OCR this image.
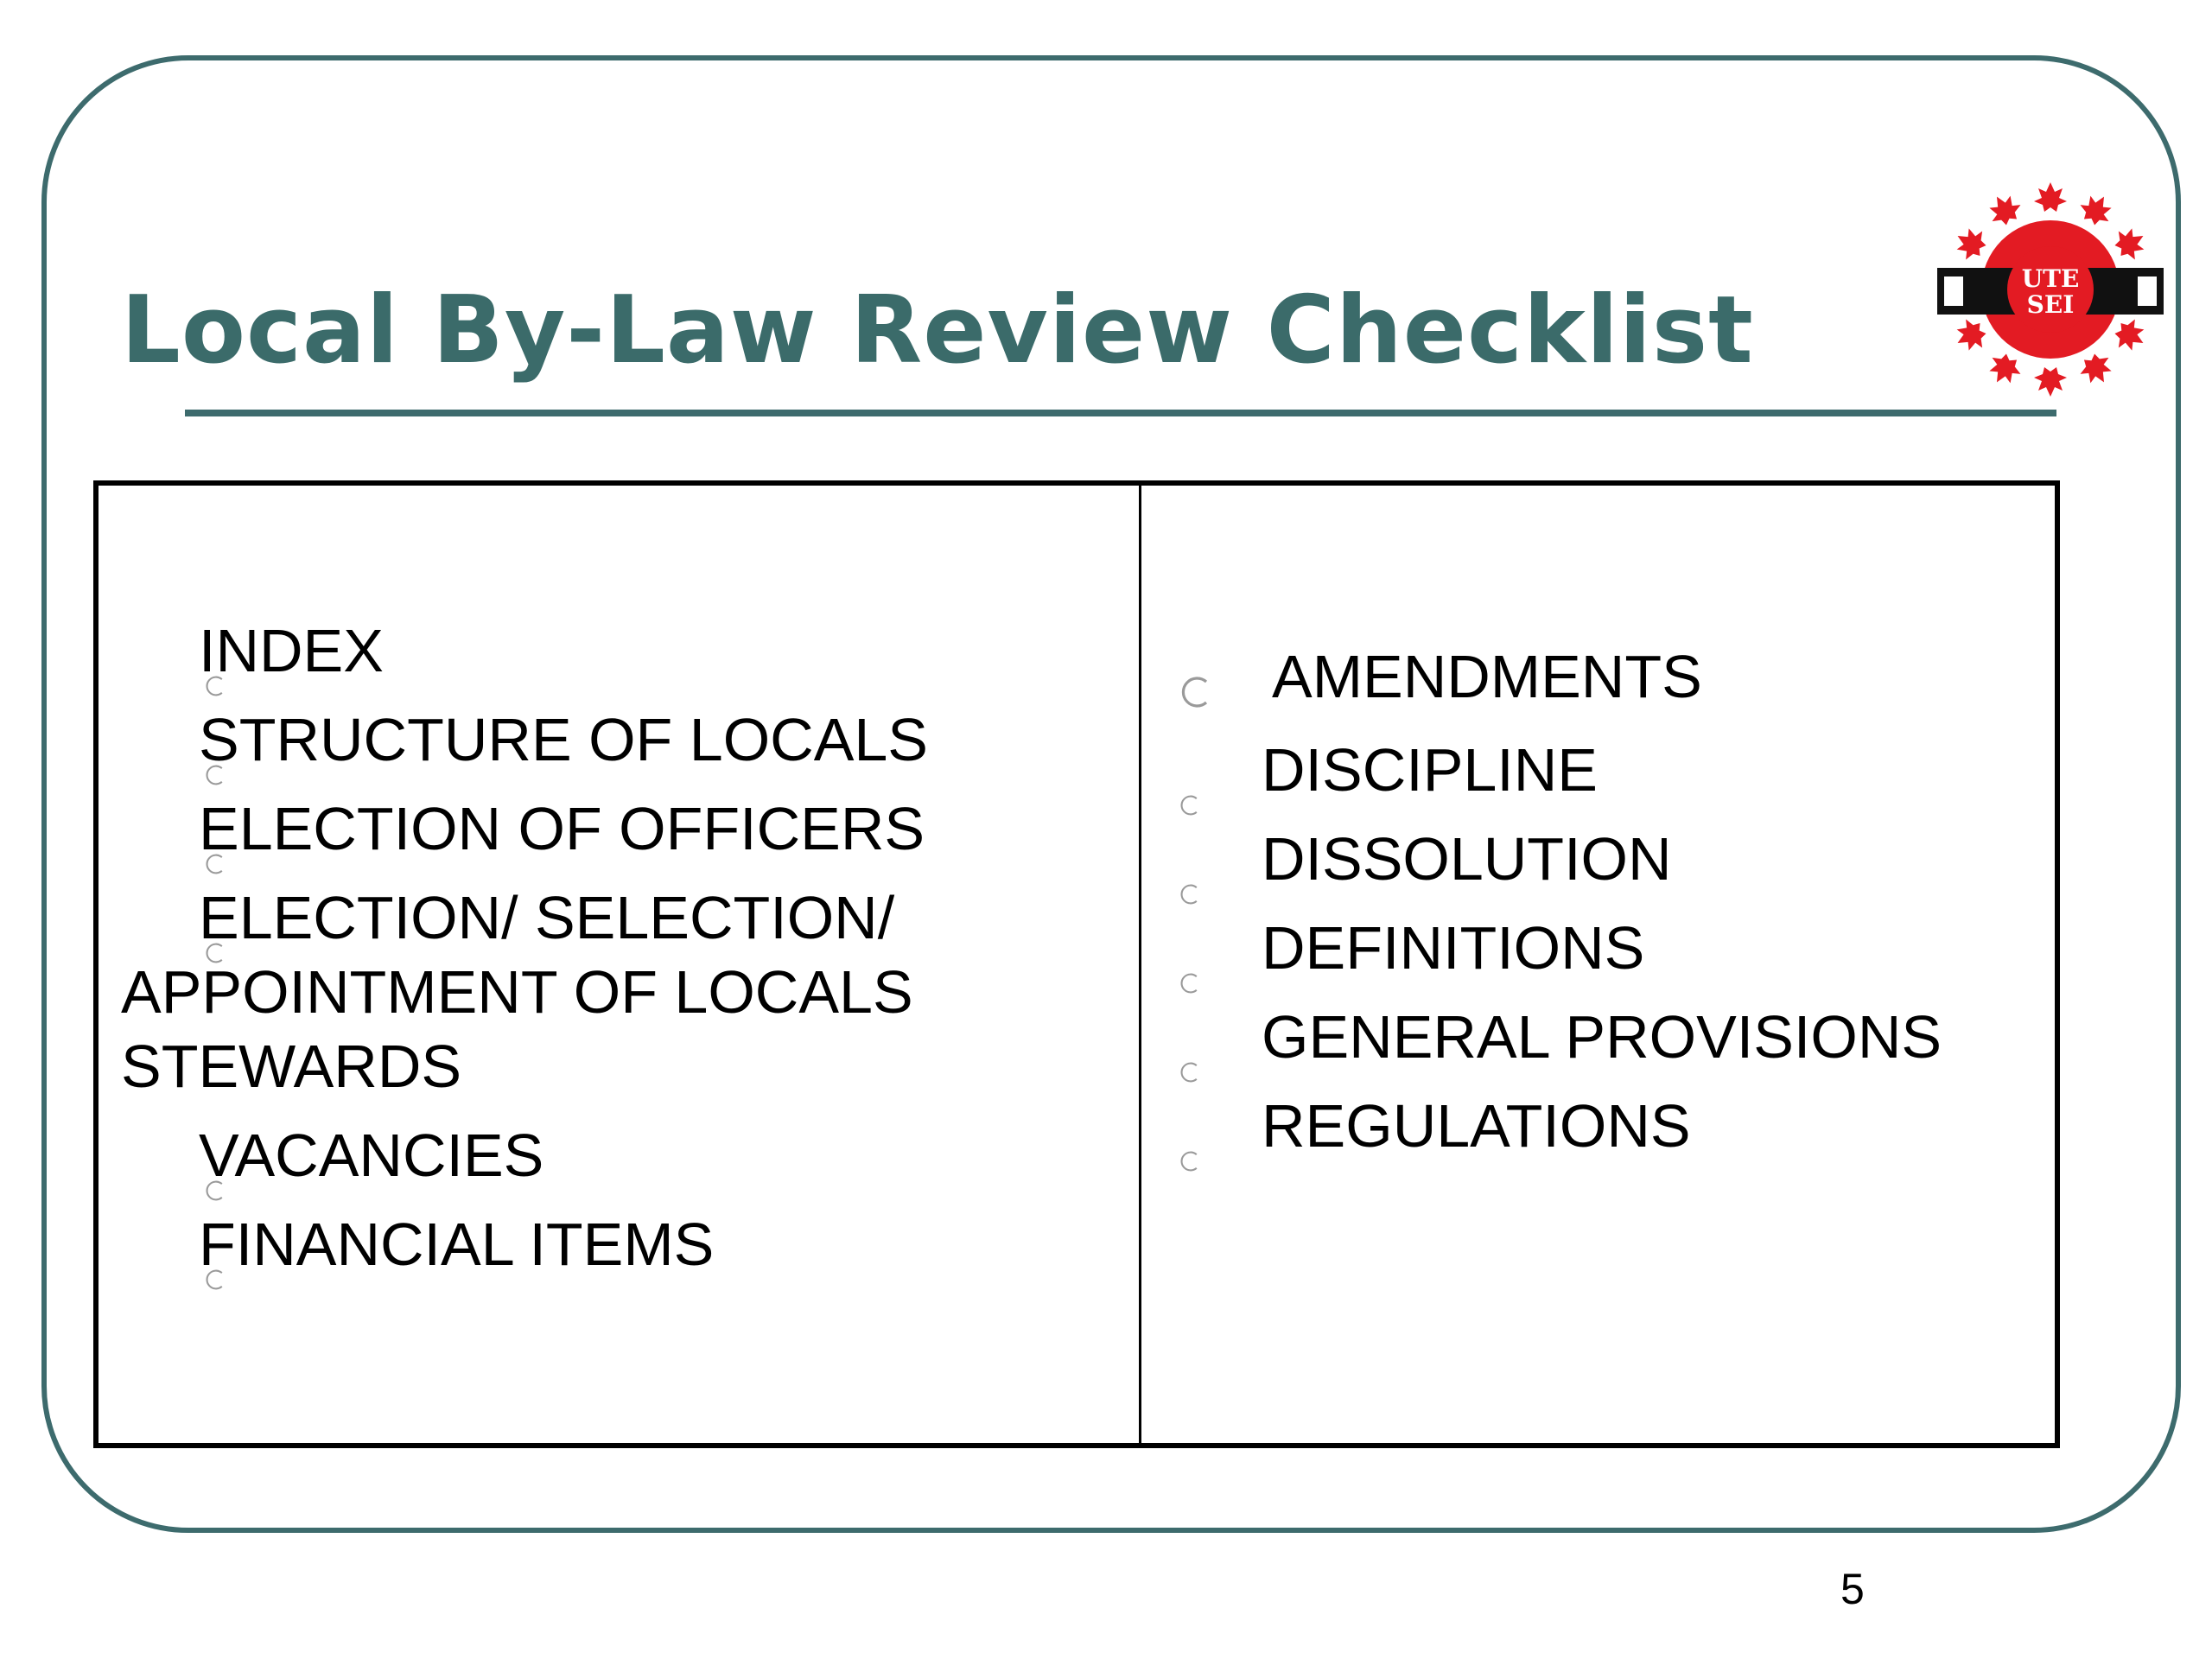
Local By-Law Review Checklist	UTE
SEI
INDEX
STRUCTURE OF LOCALS
ELECTION OF OFFICERS
ELECTION/ SELECTION/ APPOINTMENT OF LOCALS STEWARDS
VACANCIES
FINANCIAL ITEMS
AMENDMENTS
DISCIPLINE
DISSOLUTION
DEFINITIONS
GENERAL PROVISIONS
REGULATIONS
5
